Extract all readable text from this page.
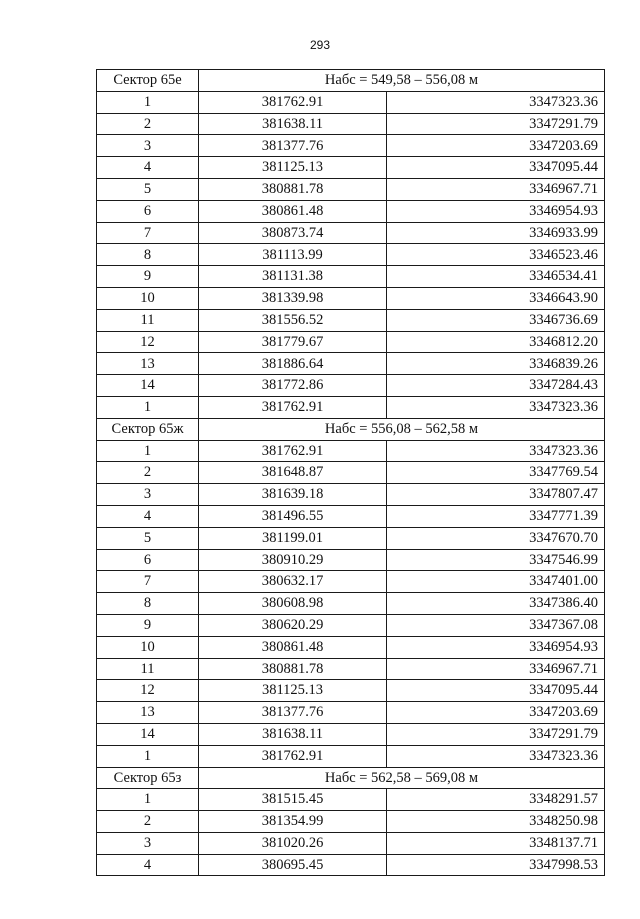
293
Сектор 65е	Набс = 549,58 – 556,08 м	
1	381762.91	3347323.36
2	381638.11	3347291.79
3	381377.76	3347203.69
4	381125.13	3347095.44
5	380881.78	3346967.71
6	380861.48	3346954.93
7	380873.74	3346933.99
8	381113.99	3346523.46
9	381131.38	3346534.41
10	381339.98	3346643.90
11	381556.52	3346736.69
12	381779.67	3346812.20
13	381886.64	3346839.26
14	381772.86	3347284.43
1	381762.91	3347323.36
Сектор 65ж	Набс = 556,08 – 562,58 м	
1	381762.91	3347323.36
2	381648.87	3347769.54
3	381639.18	3347807.47
4	381496.55	3347771.39
5	381199.01	3347670.70
6	380910.29	3347546.99
7	380632.17	3347401.00
8	380608.98	3347386.40
9	380620.29	3347367.08
10	380861.48	3346954.93
11	380881.78	3346967.71
12	381125.13	3347095.44
13	381377.76	3347203.69
14	381638.11	3347291.79
1	381762.91	3347323.36
Сектор 65з	Набс = 562,58 – 569,08 м	
1	381515.45	3348291.57
2	381354.99	3348250.98
3	381020.26	3348137.71
4	380695.45	3347998.53
